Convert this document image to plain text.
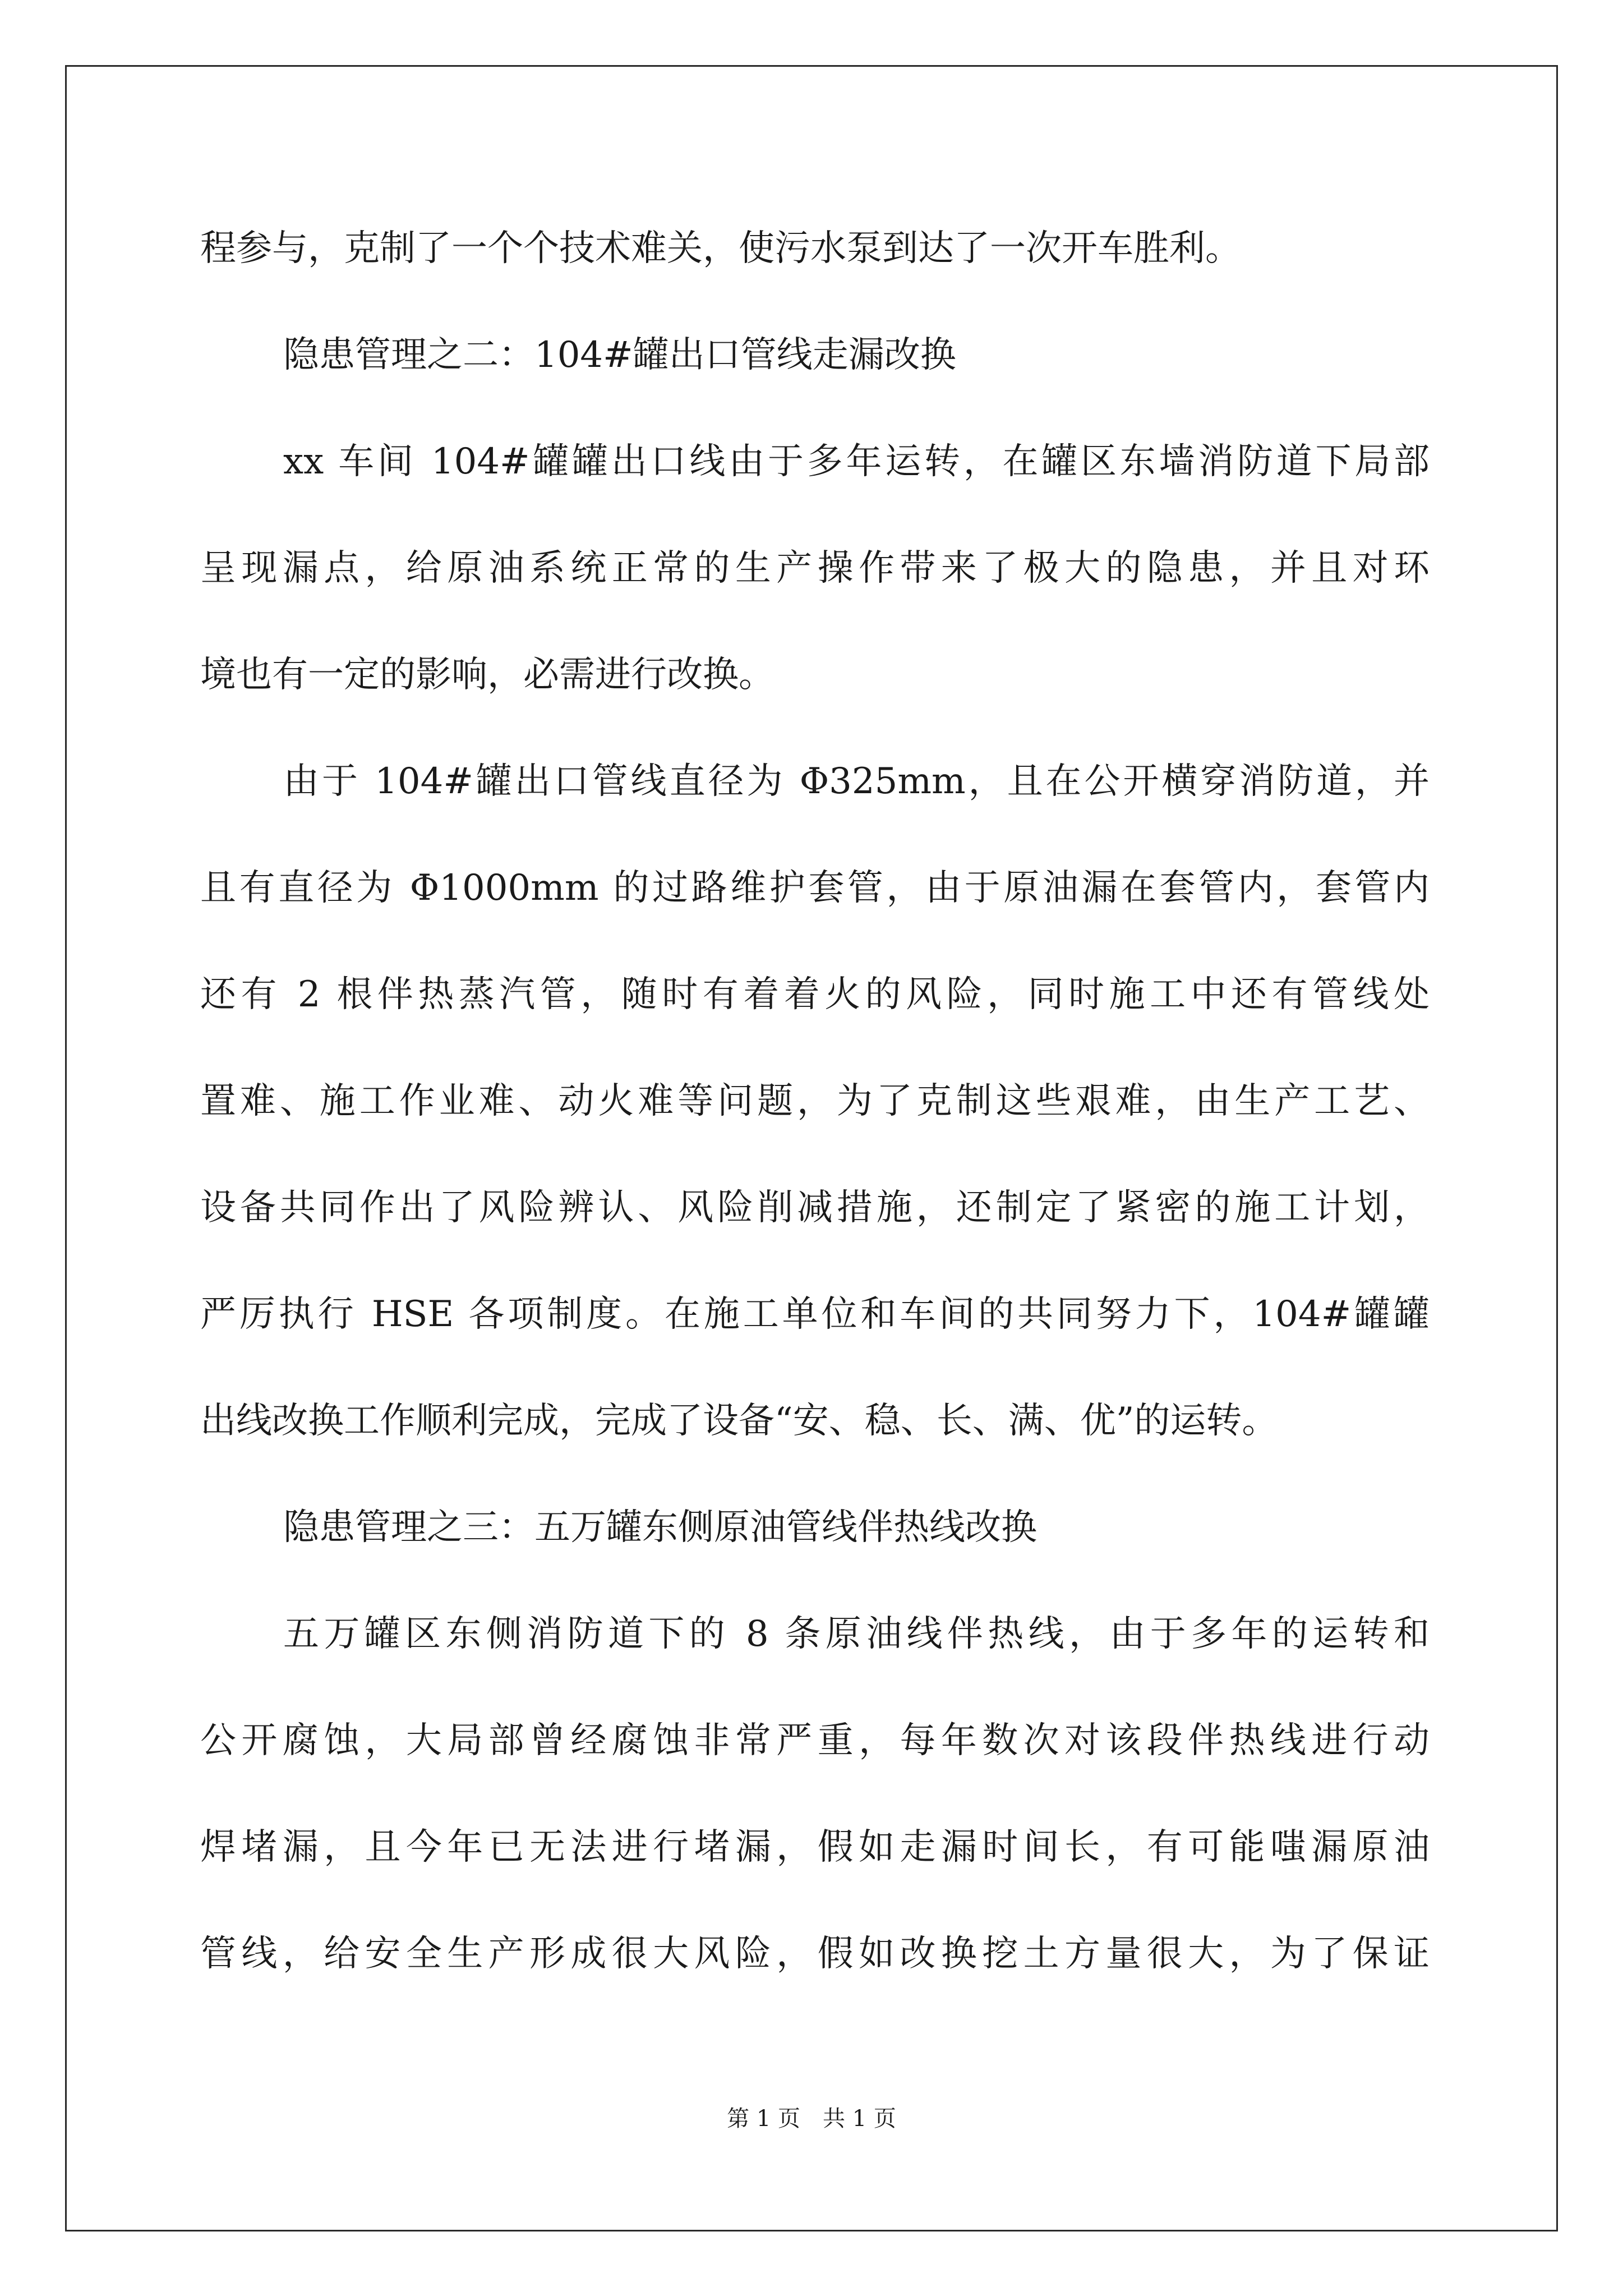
程参与，克制了一个个技术难关，使污水泵到达了一次开车胜利。
隐患管理之二：104#罐出口管线走漏改换
xx 车间 104#罐罐出口线由于多年运转，在罐区东墙消防道下局部
呈现漏点，给原油系统正常的生产操作带来了极大的隐患，并且对环
境也有一定的影响，必需进行改换。
由于 104#罐出口管线直径为 Φ325mm，且在公开横穿消防道，并
且有直径为 Φ1000mm 的过路维护套管，由于原油漏在套管内，套管内
还有 2 根伴热蒸汽管，随时有着着火的风险，同时施工中还有管线处
置难、施工作业难、动火难等问题，为了克制这些艰难，由生产工艺、
设备共同作出了风险辨认、风险削减措施，还制定了紧密的施工计划，
严厉执行 HSE 各项制度。在施工单位和车间的共同努力下，104#罐罐
出线改换工作顺利完成，完成了设备“安、稳、长、满、优”的运转。
隐患管理之三：五万罐东侧原油管线伴热线改换
五万罐区东侧消防道下的 8 条原油线伴热线，由于多年的运转和
公开腐蚀，大局部曾经腐蚀非常严重，每年数次对该段伴热线进行动
焊堵漏，且今年已无法进行堵漏，假如走漏时间长，有可能嗤漏原油
管线，给安全生产形成很大风险，假如改换挖土方量很大，为了保证
第 1 页 共 1 页
